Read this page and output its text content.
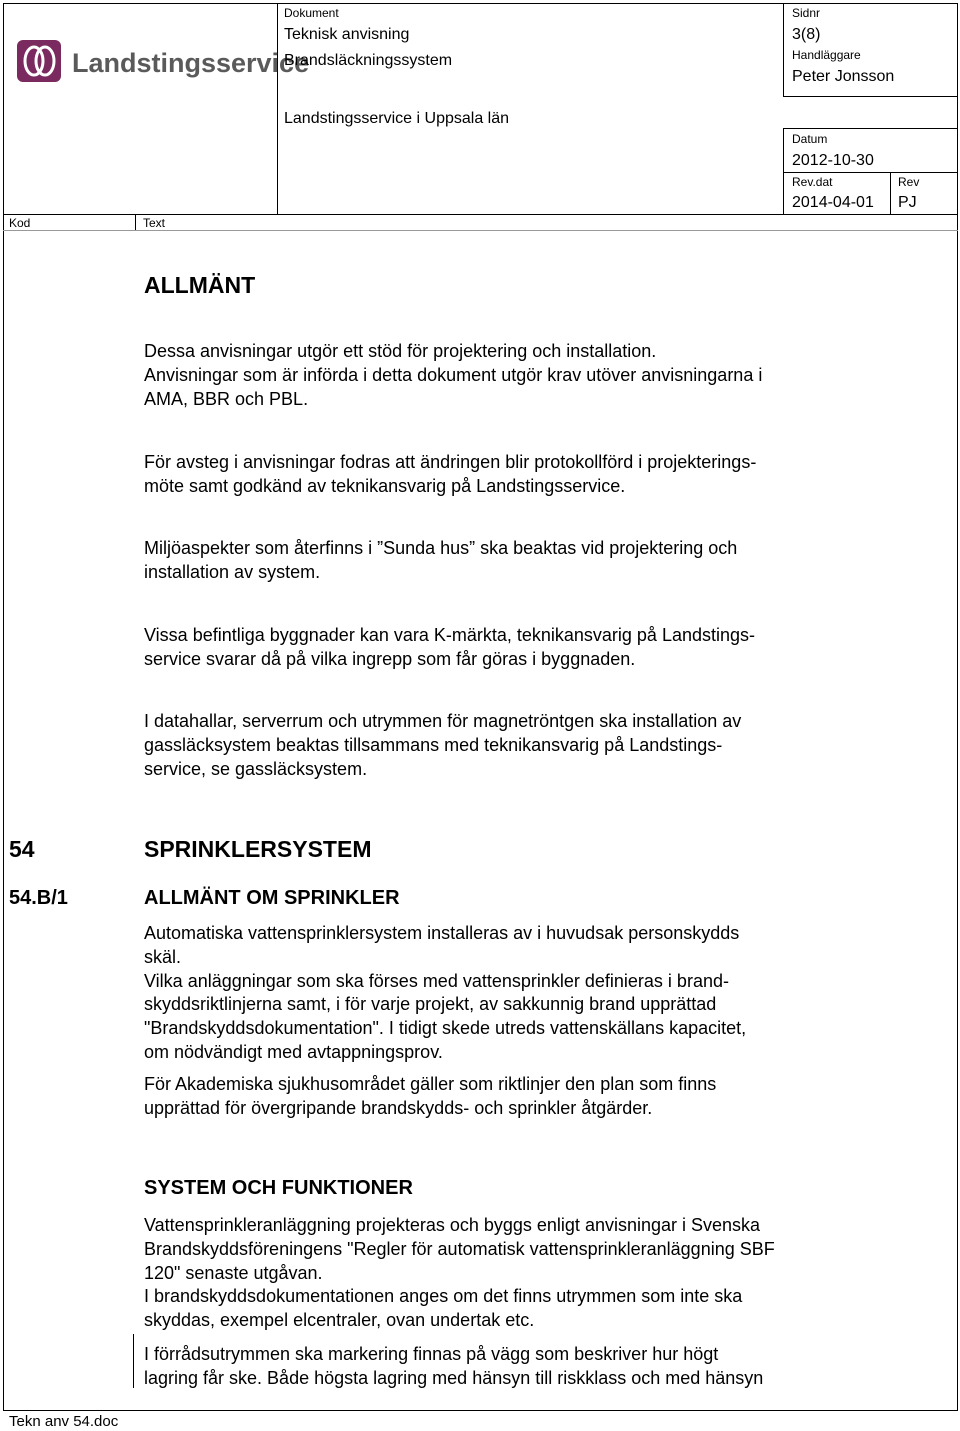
Landstingsservice
Dokument
Teknisk anvisning
Brandsläckningssystem
Sidnr
3(8)
Handläggare
Peter Jonsson
Landstingsservice i Uppsala län
Datum
2012-10-30
Rev.dat
2014-04-01
Rev
PJ
Kod	Text
ALLMÄNT

Dessa anvisningar utgör ett stöd för projektering och installation.

Anvisningar som är införda i detta dokument utgör krav utöver anvisningarna i

AMA, BBR och PBL.

För avsteg i anvisningar fodras att ändringen blir protokollförd i projekterings-

möte samt godkänd av teknikansvarig på Landstingsservice.

Miljöaspekter som återfinns i ”Sunda hus” ska beaktas vid projektering och

installation av system.

Vissa befintliga byggnader kan vara K-märkta, teknikansvarig på Landstings-

service svarar då på vilka ingrepp som får göras i byggnaden.

I datahallar, serverrum och utrymmen för magnetröntgen ska installation av

gassläcksystem beaktas tillsammans med teknikansvarig på Landstings-

service, se gassläcksystem.

54	SPRINKLERSYSTEM
54.B/1	ALLMÄNT OM SPRINKLER

Automatiska vattensprinklersystem installeras av i huvudsak personskydds

skäl.

Vilka anläggningar som ska förses med vattensprinkler definieras i brand-

skyddsriktlinjerna samt, i för varje projekt, av sakkunnig brand upprättad

"Brandskyddsdokumentation". I tidigt skede utreds vattenskällans kapacitet,

om nödvändigt med avtappningsprov.

För Akademiska sjukhusområdet gäller som riktlinjer den plan som finns

upprättad för övergripande brandskydds- och sprinkler åtgärder.

SYSTEM OCH FUNKTIONER

Vattensprinkleranläggning projekteras och byggs enligt anvisningar i Svenska

Brandskyddsföreningens "Regler för automatisk vattensprinkleranläggning SBF

120" senaste utgåvan.

I brandskyddsdokumentationen anges om det finns utrymmen som inte ska

skyddas, exempel elcentraler, ovan undertak etc.

I förrådsutrymmen ska markering finnas på vägg som beskriver hur högt

lagring får ske. Både högsta lagring med hänsyn till riskklass och med hänsyn

Tekn anv 54.doc
